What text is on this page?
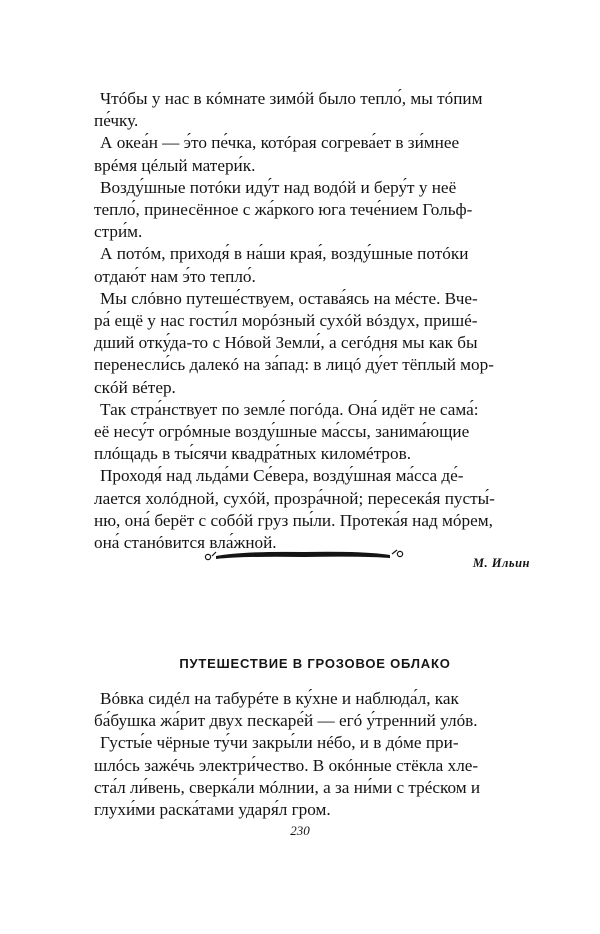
Чтóбы у нас в кóмнате зимóй было тепло́, мы тóпим
пе́чку.

А океа́н — э́то пе́чка, котóрая согрева́ет в зи́мнее
врéмя цéлый матери́к.

Возду́шные потóки иду́т над водóй и беру́т у неё
тепло́, принесённое с жа́ркого юга тече́нием Гольф-
стри́м.

А потóм, приходя́ в на́ши края́, возду́шные потóки
отдаю́т нам э́то тепло́.

Мы слóвно путеше́ствуем, остава́ясь на мéсте. Вче-
ра́ ещё у нас гости́л морóзный сухóй вóздух, пришé-
дший отку́да-то с Нóвой Земли́, а сегóдня мы как бы
перенесли́сь далекó на за́пад: в лицó ду́ет тёплый мор-
скóй вéтер.

Так стра́нствует по земле́ погóда. Она́ идёт не сама́:
её несу́т огрóмные возду́шные ма́ссы, занима́ющие
плóщадь в ты́сячи квадра́тных киломéтров.

Проходя́ над льда́ми Се́вера, возду́шная ма́сса де́-
лается холóдной, сухóй, прозра́чной; пересекáя пусты́-
ню, она́ берёт с собóй груз пы́ли. Протека́я над мóрем,
она́ станóвится вла́жной.

М. Ильин
ПУТЕШЕСТВИЕ В ГРОЗОВОЕ ОБЛАКО

Вóвка сидéл на табурéте в ку́хне и наблюда́л, как
ба́бушка жа́рит двух пескаре́й — егó у́тренний улóв.

Густы́е чёрные ту́чи закры́ли нéбо, и в дóме при-
шлóсь зажéчь электри́чество. В окóнные стёкла хле-
ста́л ли́вень, сверка́ли мóлнии, а за ни́ми с трéском и
глухи́ми раска́тами ударя́л гром.

230
